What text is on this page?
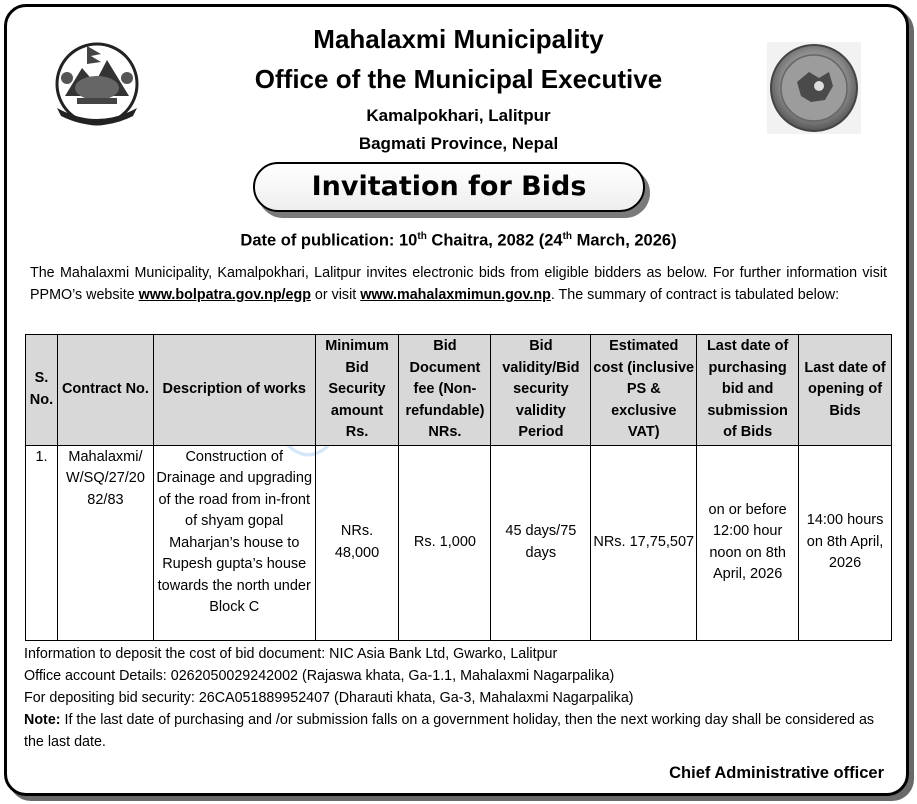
Mahalaxmi Municipality
Office of the Municipal Executive
Kamalpokhari, Lalitpur
Bagmati Province, Nepal
Invitation for Bids
Date of publication: 10th Chaitra, 2082 (24th March, 2026)
The Mahalaxmi Municipality, Kamalpokhari, Lalitpur invites electronic bids from eligible bidders as below. For further information visit PPMO’s website www.bolpatra.gov.np/egp or visit www.mahalaxmimun.gov.np. The summary of contract is tabulated below:
S. No.	Contract No.	Description of works	Minimum Bid Security amount Rs.	Bid Document fee (Non-refundable) NRs.	Bid validity/Bid security validity Period	Estimated cost (inclusive PS & exclusive VAT)	Last date of purchasing bid and submission of Bids	Last date of opening of Bids
1.	Mahalaxmi/ W/SQ/27/20 82/83	Construction of Drainage and upgrading of the road from in-front of shyam gopal Maharjan’s house to Rupesh gupta’s house towards the north under Block C	NRs. 48,000	Rs. 1,000	45 days/75 days	NRs. 17,75,507	on or before 12:00 hour noon on 8th April, 2026	14:00 hours on 8th April, 2026

Information to deposit the cost of bid document: NIC Asia Bank Ltd, Gwarko, Lalitpur

Office account Details: 0262050029242002 (Rajaswa khata, Ga-1.1, Mahalaxmi Nagarpalika)

For depositing bid security: 26CA051889952407 (Dharauti khata, Ga-3, Mahalaxmi Nagarpalika)

Note: If the last date of purchasing and /or submission falls on a government holiday, then the next working day shall be considered as the last date.

Chief Administrative officer
